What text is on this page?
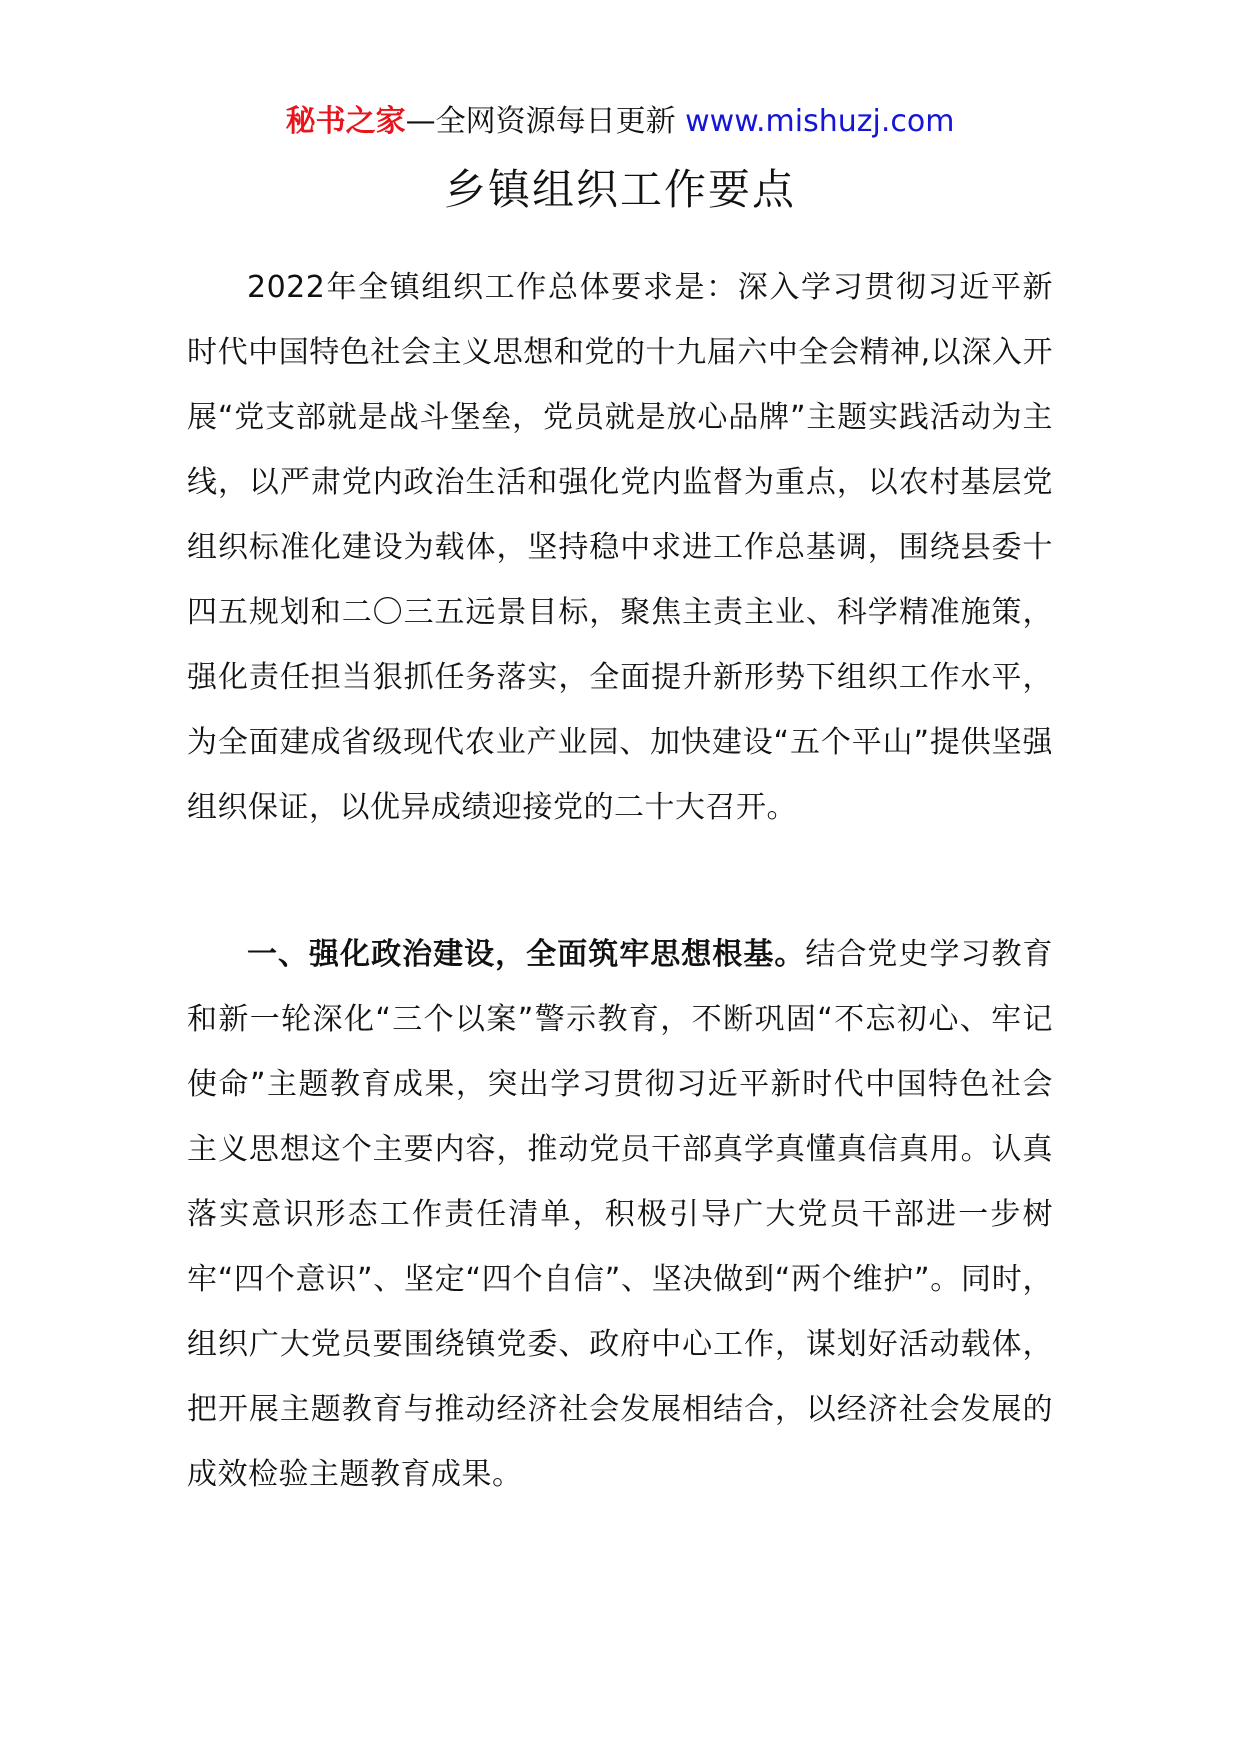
秘书之家—全网资源每日更新 www.mishuzj.com
乡镇组织工作要点

2022年全镇组织工作总体要求是：深入学习贯彻习近平新时代中国特色社会主义思想和党的十九届六中全会精神,以深入开展“党支部就是战斗堡垒，党员就是放心品牌”主题实践活动为主线，以严肃党内政治生活和强化党内监督为重点，以农村基层党组织标准化建设为载体，坚持稳中求进工作总基调，围绕县委十四五规划和二〇三五远景目标，聚焦主责主业、科学精准施策，强化责任担当狠抓任务落实，全面提升新形势下组织工作水平，为全面建成省级现代农业产业园、加快建设“五个平山”提供坚强组织保证，以优异成绩迎接党的二十大召开。

一、强化政治建设，全面筑牢思想根基。结合党史学习教育和新一轮深化“三个以案”警示教育，不断巩固“不忘初心、牢记使命”主题教育成果，突出学习贯彻习近平新时代中国特色社会主义思想这个主要内容，推动党员干部真学真懂真信真用。认真落实意识形态工作责任清单，积极引导广大党员干部进一步树牢“四个意识”、坚定“四个自信”、坚决做到“两个维护”。同时，组织广大党员要围绕镇党委、政府中心工作，谋划好活动载体，把开展主题教育与推动经济社会发展相结合，以经济社会发展的成效检验主题教育成果。
